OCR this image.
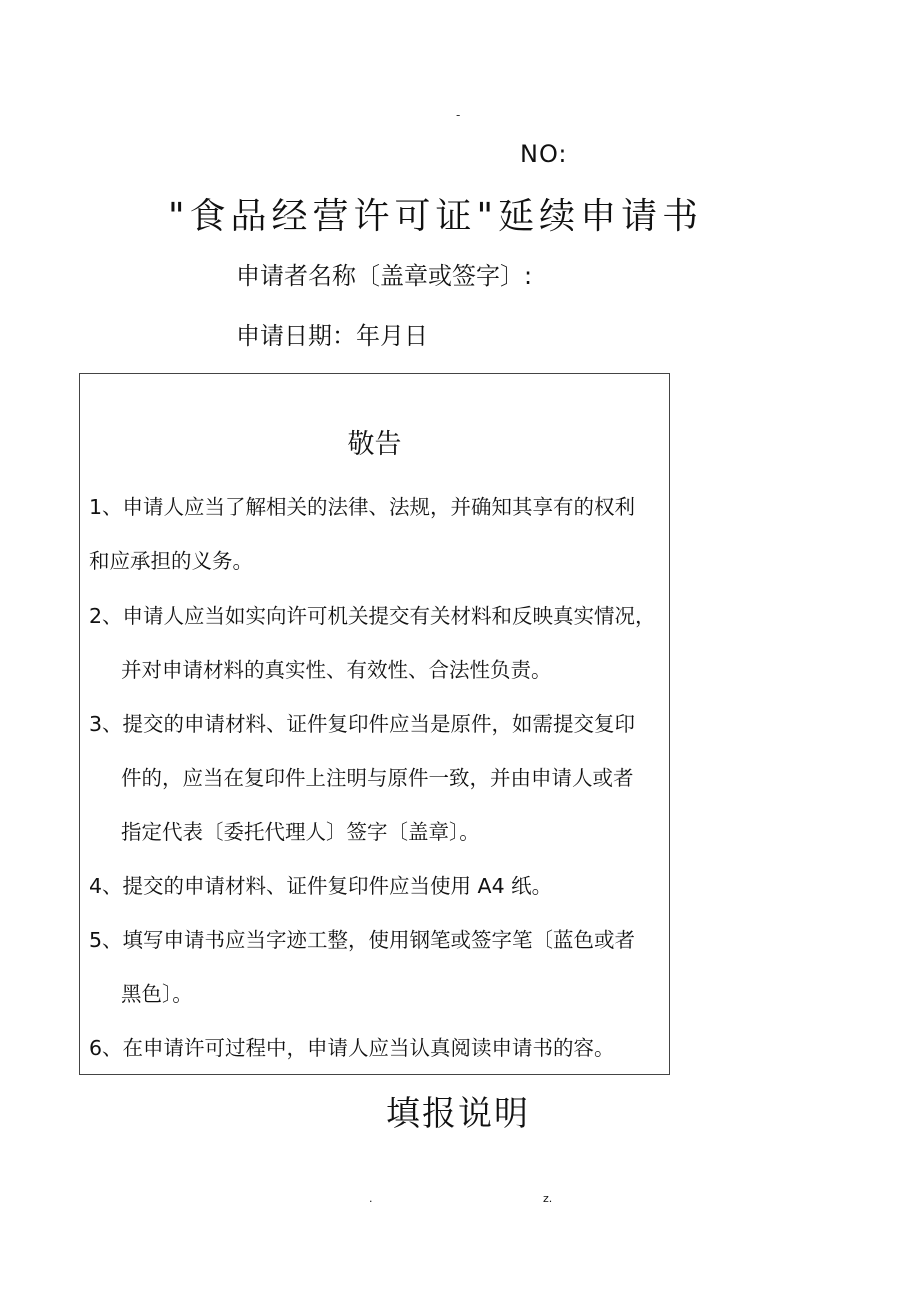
-
NO:
"食品经营许可证"延续申请书
申请者名称〔盖章或签字〕:
申请日期：年月日
敬告
1、申请人应当了解相关的法律、法规，并确知其享有的权利
和应承担的义务。
2、申请人应当如实向许可机关提交有关材料和反映真实情况，
并对申请材料的真实性、有效性、合法性负责。
3、提交的申请材料、证件复印件应当是原件，如需提交复印
件的，应当在复印件上注明与原件一致，并由申请人或者
指定代表〔委托代理人〕签字〔盖章〕。
4、提交的申请材料、证件复印件应当使用 A4 纸。
5、填写申请书应当字迹工整，使用钢笔或签字笔〔蓝色或者
黑色〕。
6、在申请许可过程中，申请人应当认真阅读申请书的容。
填报说明
.	z.
